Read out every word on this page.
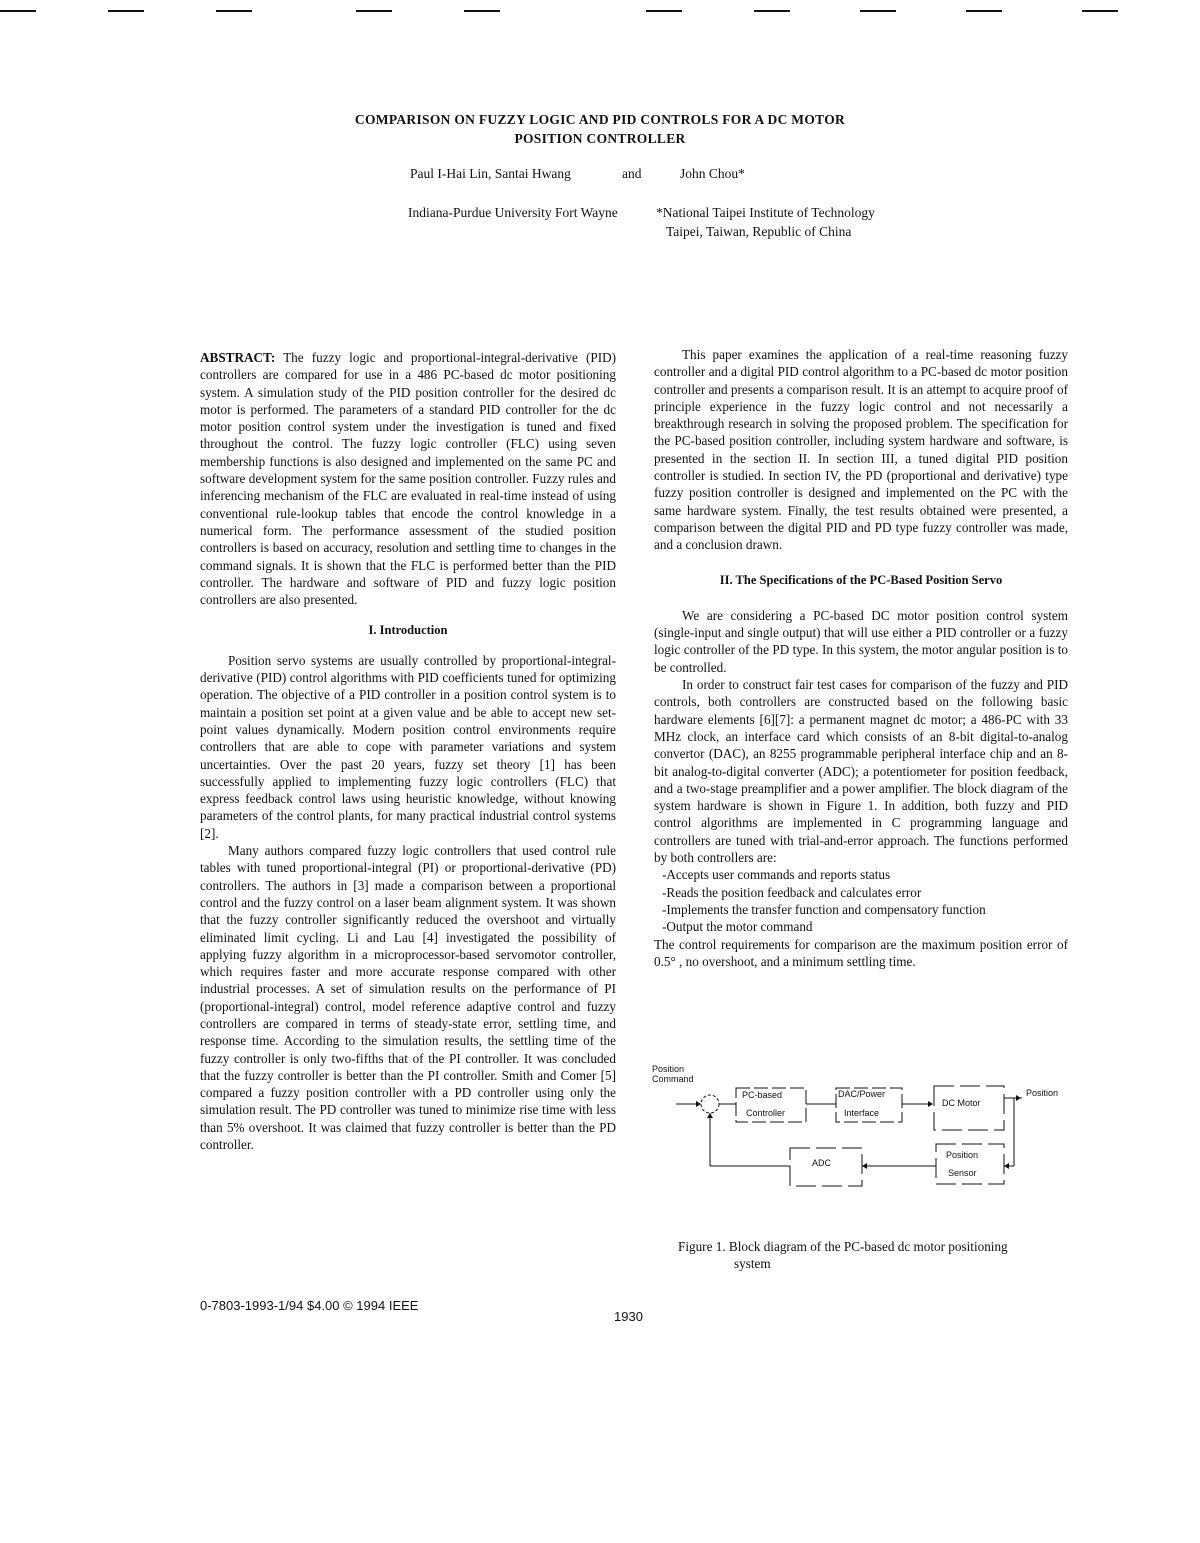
COMPARISON ON FUZZY LOGIC AND PID CONTROLS FOR A DC MOTOR
POSITION CONTROLLER
Paul I-Hai Lin, Santai Hwang	and	John Chou*
Indiana-Purdue University Fort Wayne	*National Taipei Institute of Technology
Taipei, Taiwan, Republic of China

ABSTRACT: The fuzzy logic and proportional-integral-derivative (PID) controllers are compared for use in a 486 PC-based dc motor positioning system. A simulation study of the PID position controller for the desired dc motor is performed. The parameters of a standard PID controller for the dc motor position control system under the investigation is tuned and fixed throughout the control. The fuzzy logic controller (FLC) using seven membership functions is also designed and implemented on the same PC and software development system for the same position controller. Fuzzy rules and inferencing mechanism of the FLC are evaluated in real-time instead of using conventional rule-lookup tables that encode the control knowledge in a numerical form. The performance assessment of the studied position controllers is based on accuracy, resolution and settling time to changes in the command signals. It is shown that the FLC is performed better than the PID controller. The hardware and software of PID and fuzzy logic position controllers are also presented.

I. Introduction

Position servo systems are usually controlled by proportional-integral-derivative (PID) control algorithms with PID coefficients tuned for optimizing operation. The objective of a PID controller in a position control system is to maintain a position set point at a given value and be able to accept new set-point values dynamically. Modern position control environments require controllers that are able to cope with parameter variations and system uncertainties. Over the past 20 years, fuzzy set theory [1] has been successfully applied to implementing fuzzy logic controllers (FLC) that express feedback control laws using heuristic knowledge, without knowing parameters of the control plants, for many practical industrial control systems [2].

Many authors compared fuzzy logic controllers that used control rule tables with tuned proportional-integral (PI) or proportional-derivative (PD) controllers. The authors in [3] made a comparison between a proportional control and the fuzzy control on a laser beam alignment system. It was shown that the fuzzy controller significantly reduced the overshoot and virtually eliminated limit cycling. Li and Lau [4] investigated the possibility of applying fuzzy algorithm in a microprocessor-based servomotor controller, which requires faster and more accurate response compared with other industrial processes. A set of simulation results on the performance of PI (proportional-integral) control, model reference adaptive control and fuzzy controllers are compared in terms of steady-state error, settling time, and response time. According to the simulation results, the settling time of the fuzzy controller is only two-fifths that of the PI controller. It was concluded that the fuzzy controller is better than the PI controller. Smith and Comer [5] compared a fuzzy position controller with a PD controller using only the simulation result. The PD controller was tuned to minimize rise time with less than 5% overshoot. It was claimed that fuzzy controller is better than the PD controller.

This paper examines the application of a real-time reasoning fuzzy controller and a digital PID control algorithm to a PC-based dc motor position controller and presents a comparison result. It is an attempt to acquire proof of principle experience in the fuzzy logic control and not necessarily a breakthrough research in solving the proposed problem. The specification for the PC-based position controller, including system hardware and software, is presented in the section II. In section III, a tuned digital PID position controller is studied. In section IV, the PD (proportional and derivative) type fuzzy position controller is designed and implemented on the PC with the same hardware system. Finally, the test results obtained were presented, a comparison between the digital PID and PD type fuzzy controller was made, and a conclusion drawn.

II. The Specifications of the PC-Based Position Servo

We are considering a PC-based DC motor position control system (single-input and single output) that will use either a PID controller or a fuzzy logic controller of the PD type. In this system, the motor angular position is to be controlled.

In order to construct fair test cases for comparison of the fuzzy and PID controls, both controllers are constructed based on the following basic hardware elements [6][7]: a permanent magnet dc motor; a 486-PC with 33 MHz clock, an interface card which consists of an 8-bit digital-to-analog convertor (DAC), an 8255 programmable peripheral interface chip and an 8-bit analog-to-digital converter (ADC); a potentiometer for position feedback, and a two-stage preamplifier and a power amplifier. The block diagram of the system hardware is shown in Figure 1. In addition, both fuzzy and PID control algorithms are implemented in C programming language and controllers are tuned with trial-and-error approach. The functions performed by both controllers are:

-Accepts user commands and reports status
-Reads the position feedback and calculates error
-Implements the transfer function and compensatory function
-Output the motor command

The control requirements for comparison are the maximum position error of 0.5° , no overshoot, and a minimum settling time.

Position
Command
PC-based
Controller
DAC/Power
Interface
DC Motor
Position
Position
Sensor
ADC
Figure 1. Block diagram of the PC-based dc motor positioning
system
0-7803-1993-1/94 $4.00 © 1994 IEEE
1930
